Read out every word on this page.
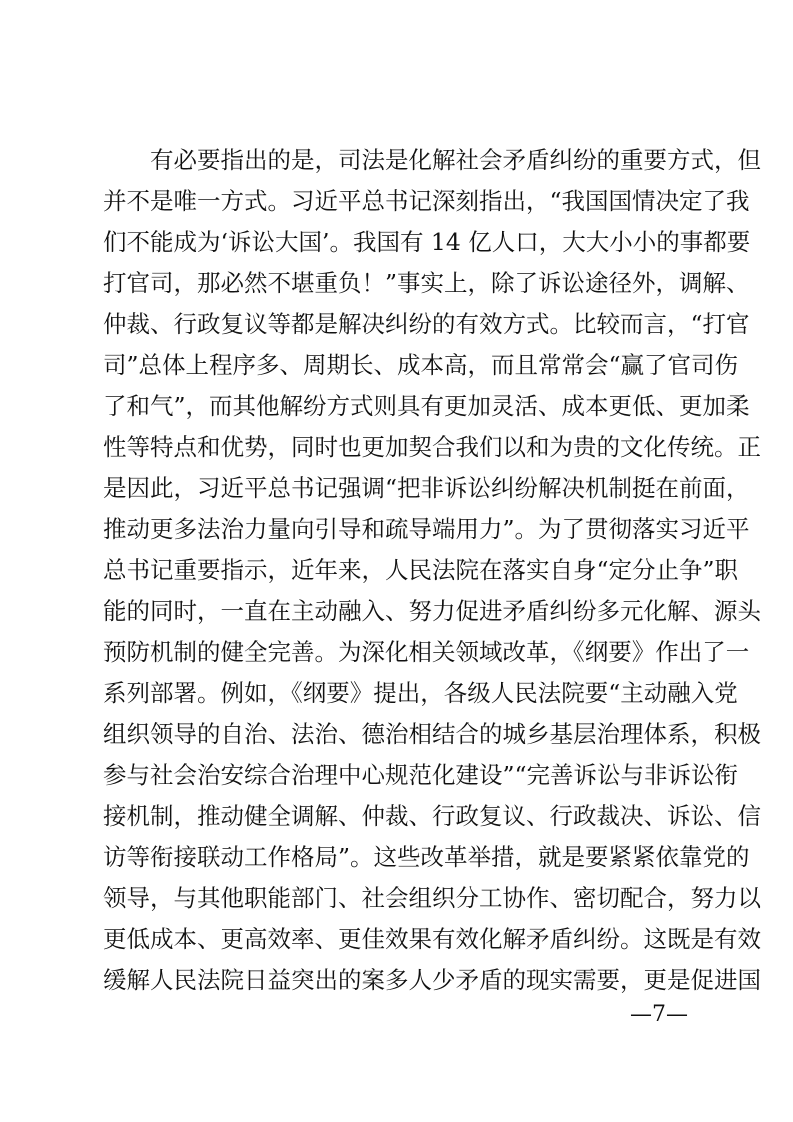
有必要指出的是，司法是化解社会矛盾纠纷的重要方式，但
并不是唯一方式。习近平总书记深刻指出，“我国国情决定了我
们不能成为‘诉讼大国’。我国有 14 亿人口，大大小小的事都要
打官司，那必然不堪重负！”事实上，除了诉讼途径外，调解、
仲裁、行政复议等都是解决纠纷的有效方式。比较而言，“打官
司”总体上程序多、周期长、成本高，而且常常会“赢了官司伤
了和气”，而其他解纷方式则具有更加灵活、成本更低、更加柔
性等特点和优势，同时也更加契合我们以和为贵的文化传统。正
是因此，习近平总书记强调“把非诉讼纠纷解决机制挺在前面，
推动更多法治力量向引导和疏导端用力”。为了贯彻落实习近平
总书记重要指示，近年来，人民法院在落实自身“定分止争”职
能的同时，一直在主动融入、努力促进矛盾纠纷多元化解、源头
预防机制的健全完善。为深化相关领域改革，《纲要》作出了一
系列部署。例如，《纲要》提出，各级人民法院要“主动融入党
组织领导的自治、法治、德治相结合的城乡基层治理体系，积极
参与社会治安综合治理中心规范化建设”“完善诉讼与非诉讼衔
接机制，推动健全调解、仲裁、行政复议、行政裁决、诉讼、信
访等衔接联动工作格局”。这些改革举措，就是要紧紧依靠党的
领导，与其他职能部门、社会组织分工协作、密切配合，努力以
更低成本、更高效率、更佳效果有效化解矛盾纠纷。这既是有效
缓解人民法院日益突出的案多人少矛盾的现实需要，更是促进国
—7—
